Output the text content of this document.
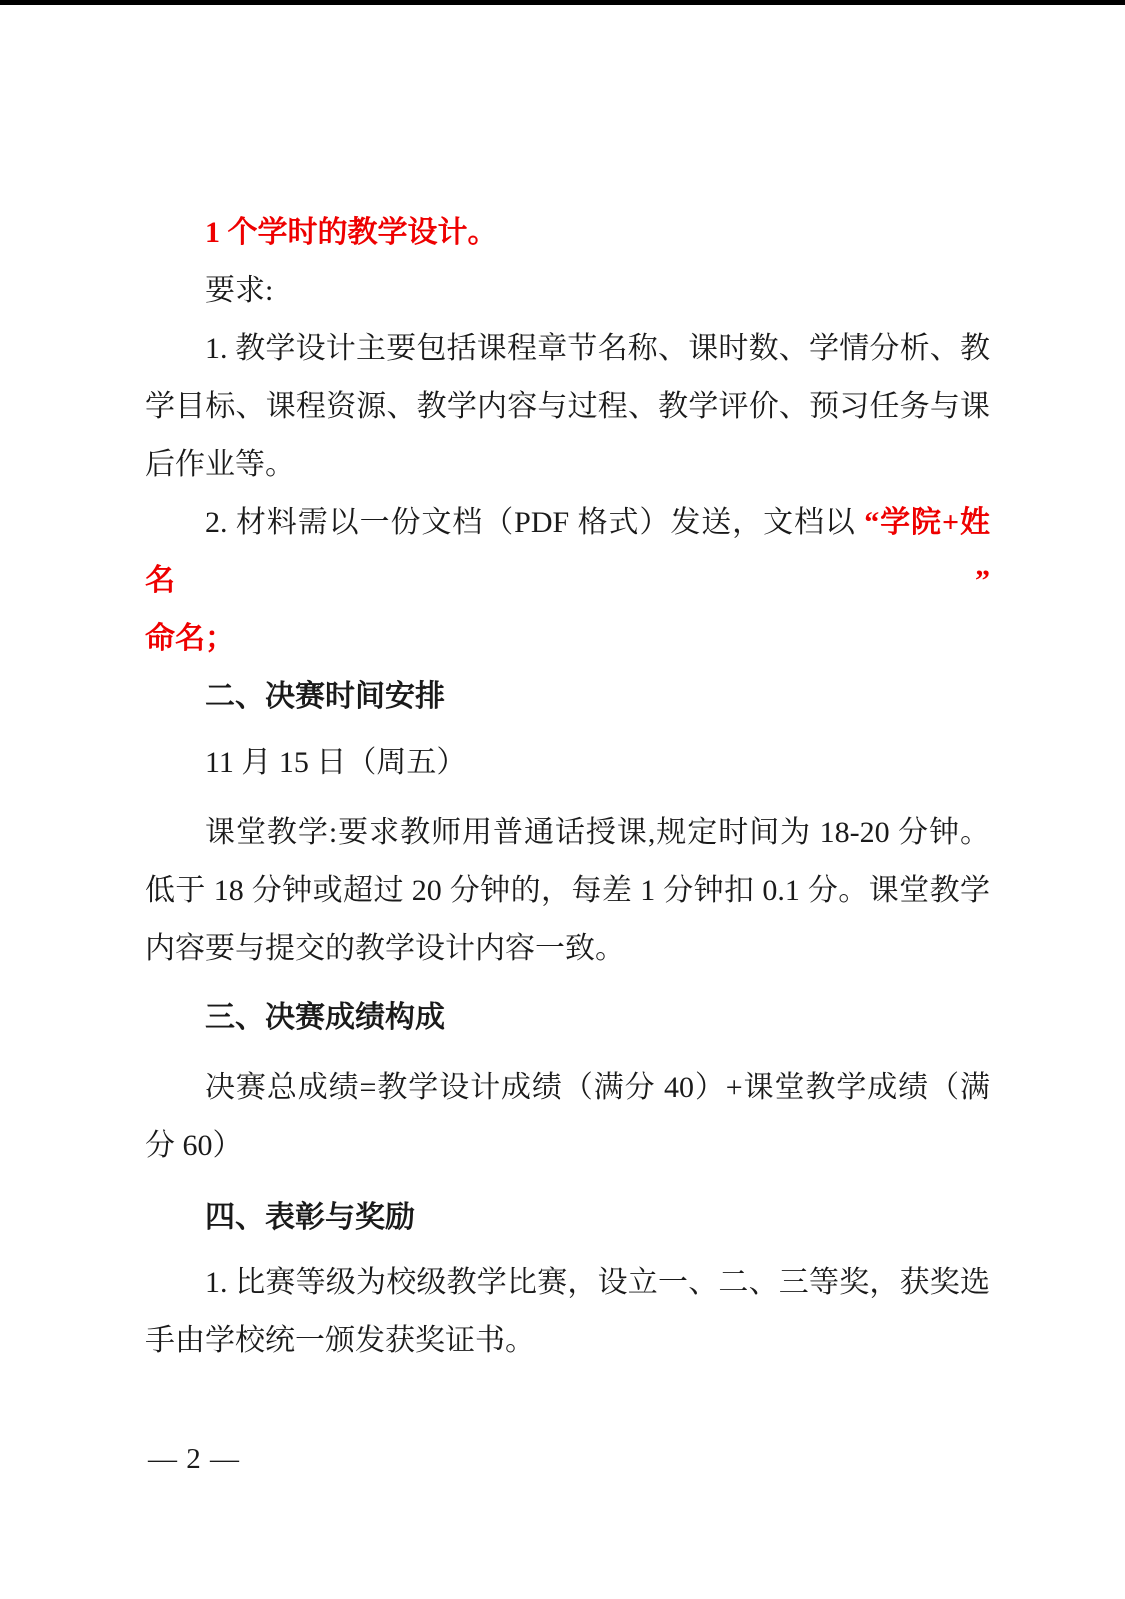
1 个学时的教学设计。
要求:
1. 教学设计主要包括课程章节名称、课时数、学情分析、教
学目标、课程资源、教学内容与过程、教学评价、预习任务与课
后作业等。
2. 材料需以一份文档（PDF 格式）发送，文档以 “学院+姓名”
命名；
二、决赛时间安排
11 月 15 日（周五）
课堂教学:要求教师用普通话授课,规定时间为 18-20 分钟。
低于 18 分钟或超过 20 分钟的，每差 1 分钟扣 0.1 分。课堂教学
内容要与提交的教学设计内容一致。
三、决赛成绩构成
决赛总成绩=教学设计成绩（满分 40）+课堂教学成绩（满
分 60）
四、表彰与奖励
1. 比赛等级为校级教学比赛，设立一、二、三等奖，获奖选
手由学校统一颁发获奖证书。
— 2 —
